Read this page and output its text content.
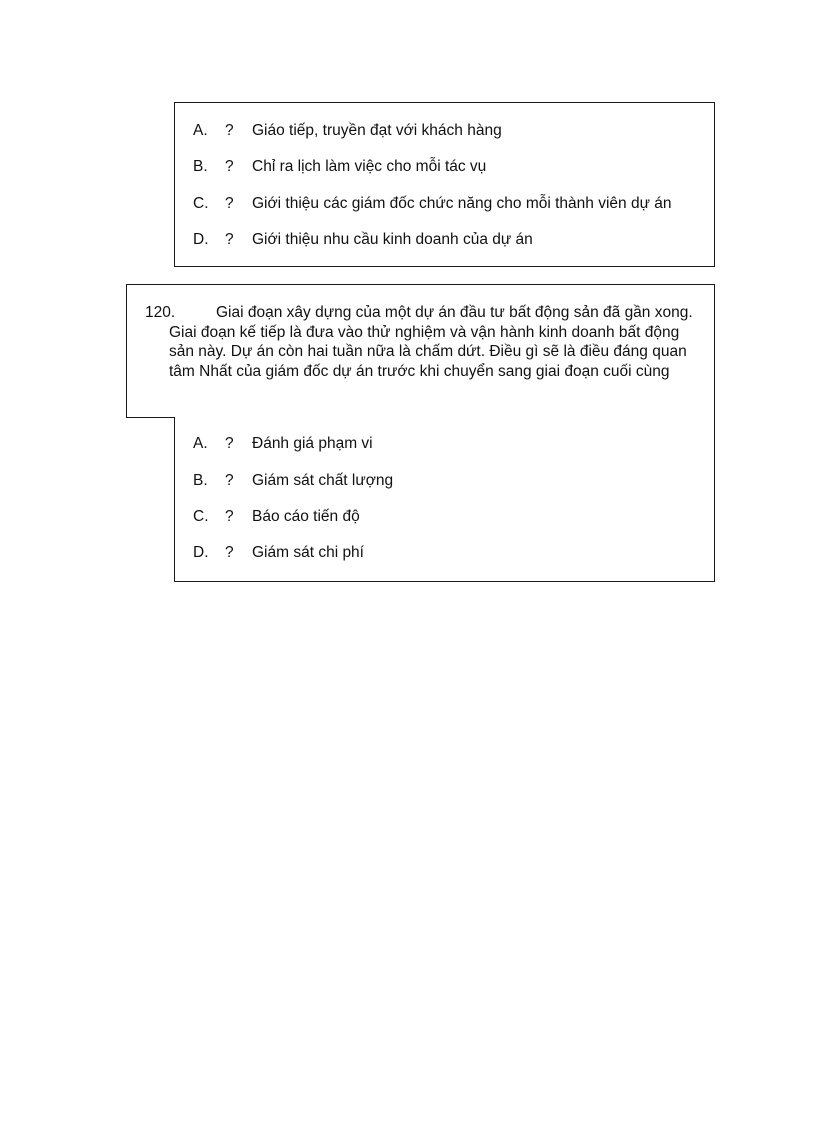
A. ? Giáo tiếp, truyền đạt với khách hàng
B. ? Chỉ ra lịch làm việc cho mỗi tác vụ
C. ? Giới thiệu các giám đốc chức năng cho mỗi thành viên dự án
D. ? Giới thiệu nhu cầu kinh doanh của dự án
120.	Giai đoạn xây dựng của một dự án đầu tư bất động sản đã gần xong. Giai đoạn kế tiếp là đưa vào thử nghiệm và vận hành kinh doanh bất động sản này. Dự án còn hai tuần nữa là chấm dứt. Điều gì sẽ là điều đáng quan tâm Nhất của giám đốc dự án trước khi chuyển sang giai đoạn cuối cùng

A. ? Đánh giá phạm vi
B. ? Giám sát chất lượng
C. ? Báo cáo tiến độ
D. ? Giám sát chi phí
